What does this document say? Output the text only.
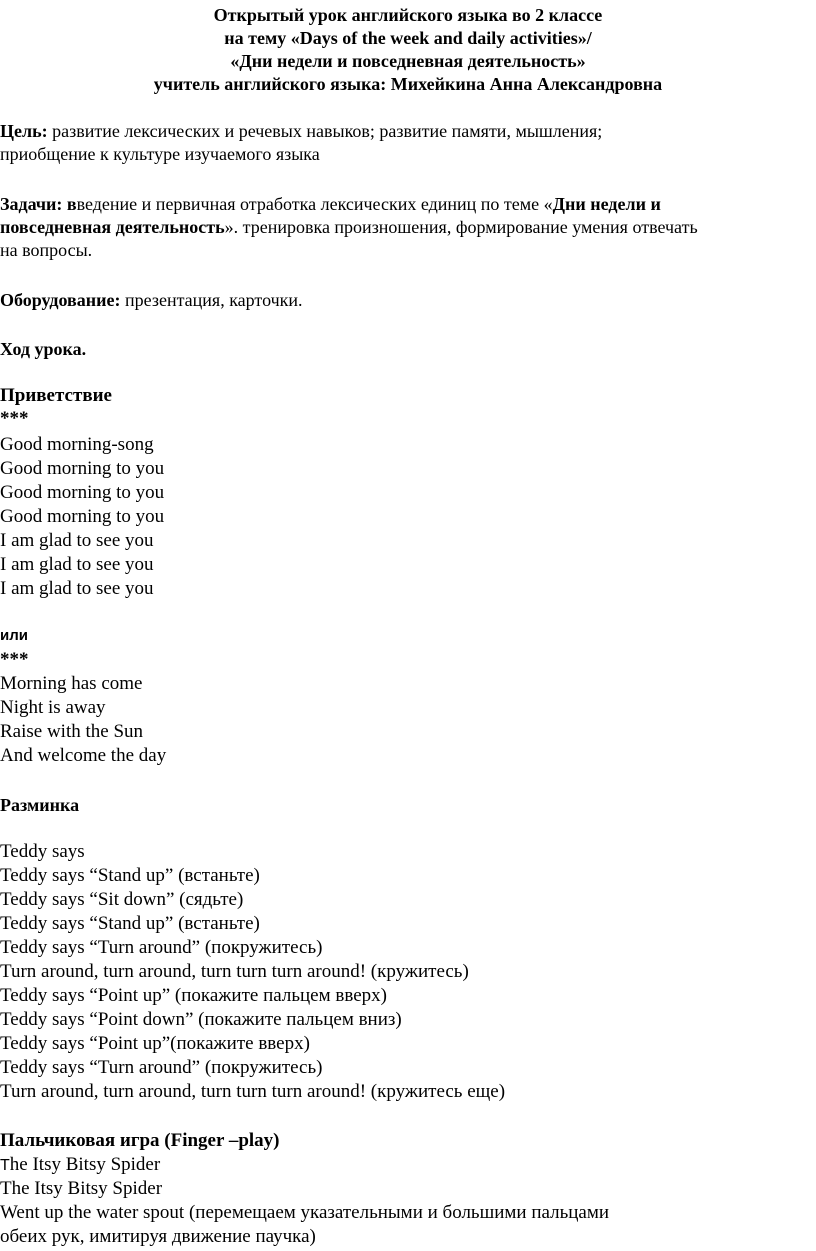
Открытый урок английского языка во 2 классе
на тему «Days of the week and daily activities»/
«Дни недели и повседневная деятельность»
учитель английского языка: Михейкина Анна Александровна
Цель: развитие лексических и речевых навыков; развитие памяти, мышления;
приобщение к культуре изучаемого языка
Задачи: введение и первичная отработка лексических единиц по теме «Дни недели и
повседневная деятельность». тренировка произношения, формирование умения отвечать
на вопросы.
Оборудование: презентация, карточки.
Ход урока.
Приветствие
***
Good morning-song
Good morning to you
Good morning to you
Good morning to you
I am glad to see you
I am glad to see you
I am glad to see you
или
***
Morning has come
Night is away
Raise with the Sun
And welcome the day
Разминка
Teddy says
Teddy says “Stand up” (встаньте)
Teddy says “Sit down” (сядьте)
Teddy says “Stand up” (встаньте)
Teddy says “Turn around” (покружитесь)
Turn around, turn around, turn turn turn around! (кружитесь)
Teddy says “Point up” (покажите пальцем вверх)
Teddy says “Point down” (покажите пальцем вниз)
Teddy says “Point up”(покажите вверх)
Teddy says “Turn around” (покружитесь)
Turn around, turn around, turn turn turn around! (кружитесь еще)
Пальчиковая игра (Finger –play)
The Itsy Bitsy Spider
The Itsy Bitsy Spider
Went up the water spout (перемещаем указательными и большими пальцами
обеих рук, имитируя движение паучка)
